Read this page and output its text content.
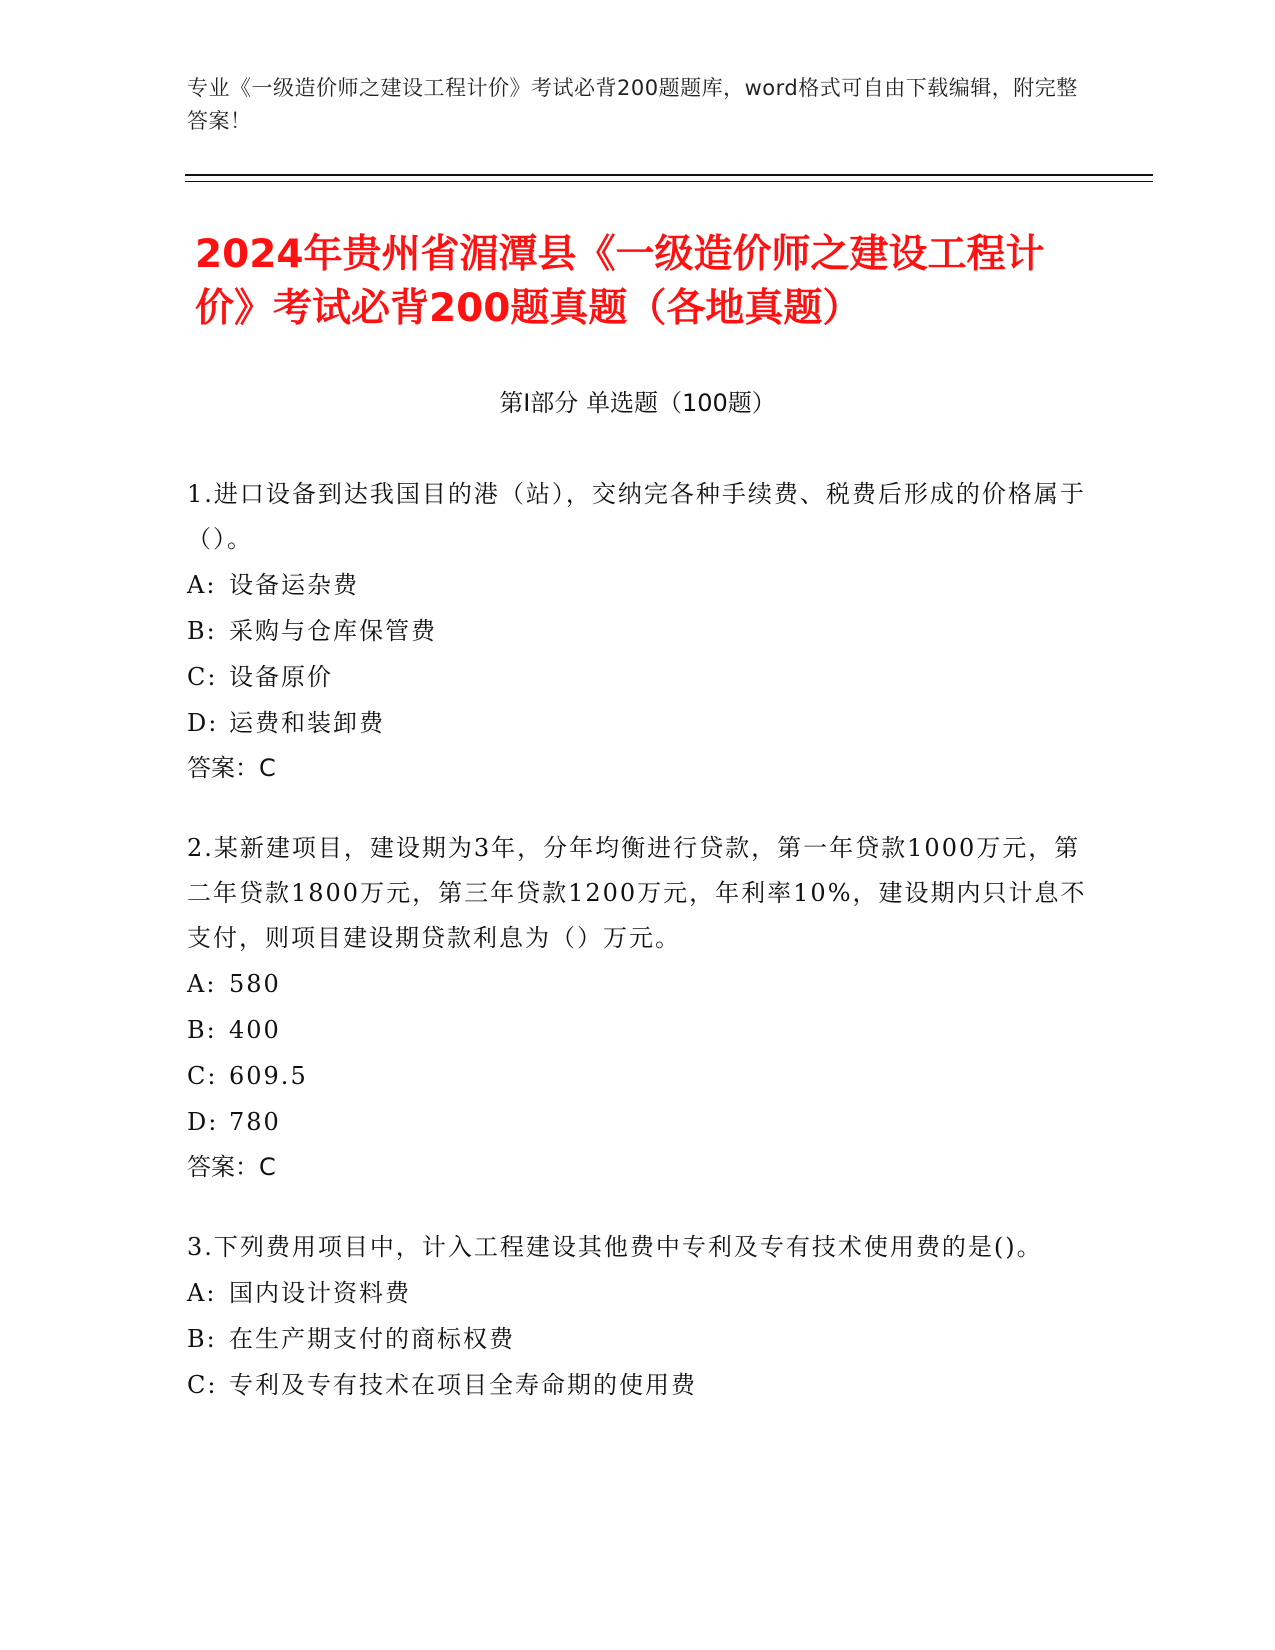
专业《一级造价师之建设工程计价》考试必背200题题库，word格式可自由下载编辑，附完整答案！
2024年贵州省湄潭县《一级造价师之建设工程计价》考试必背200题真题（各地真题）
第I部分 单选题（100题）
1.进口设备到达我国目的港（站），交纳完各种手续费、税费后形成的价格属于（）。
A: 设备运杂费
B: 采购与仓库保管费
C: 设备原价
D: 运费和装卸费
答案：C
2.某新建项目，建设期为3年，分年均衡进行贷款，第一年贷款1000万元，第二年贷款1800万元，第三年贷款1200万元，年利率10%，建设期内只计息不支付，则项目建设期贷款利息为（）万元。
A: 580
B: 400
C: 609.5
D: 780
答案：C
3.下列费用项目中，计入工程建设其他费中专利及专有技术使用费的是()。
A: 国内设计资料费
B: 在生产期支付的商标权费
C: 专利及专有技术在项目全寿命期的使用费
